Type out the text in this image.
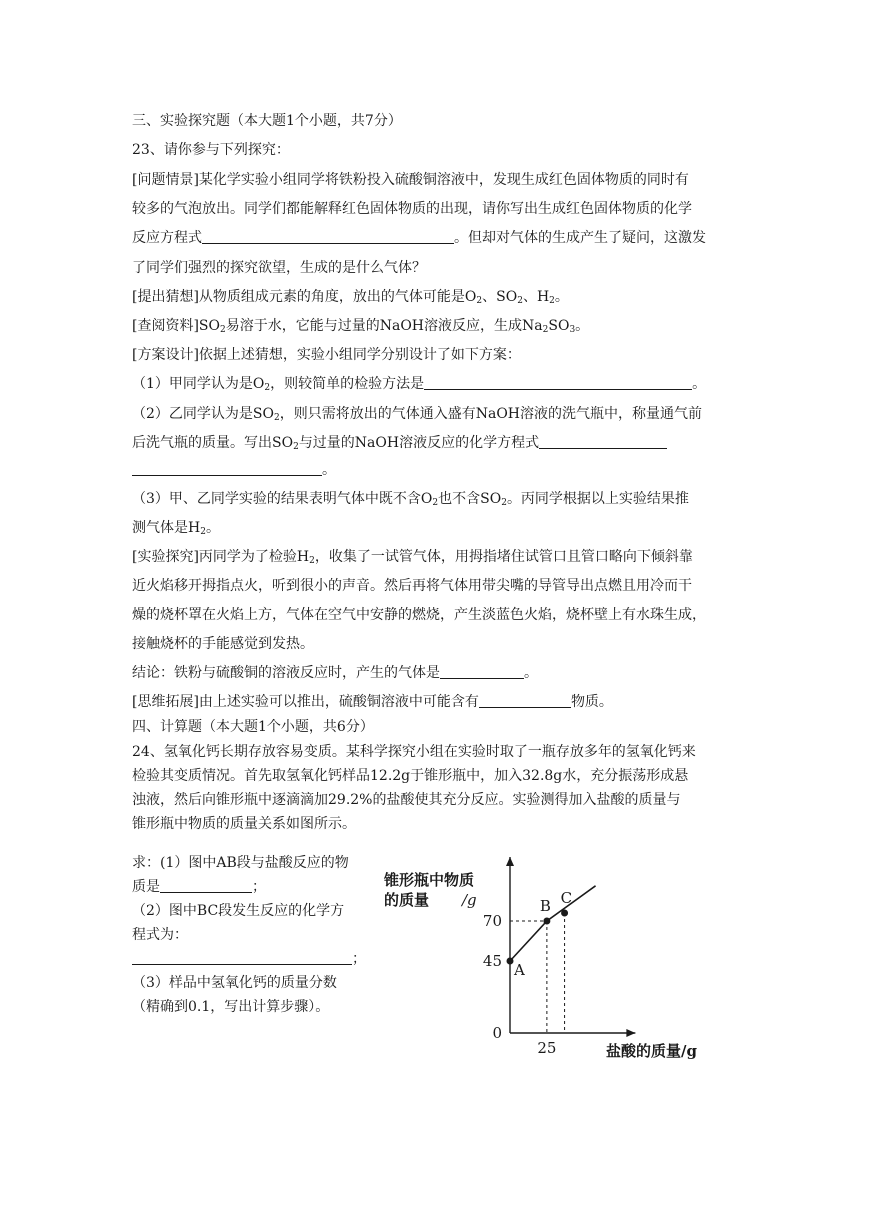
三、实验探究题（本大题1个小题，共7分）
23、请你参与下列探究：
[问题情景]某化学实验小组同学将铁粉投入硫酸铜溶液中，发现生成红色固体物质的同时有
较多的气泡放出。同学们都能解释红色固体物质的出现，请你写出生成红色固体物质的化学
反应方程式	。但却对气体的生成产生了疑问，这激发
了同学们强烈的探究欲望，生成的是什么气体？
[提出猜想]从物质组成元素的角度，放出的气体可能是$O_2$、$SO_2$、$H_2$。
[查阅资料]$SO_2$易溶于水，它能与过量的NaOH溶液反应，生成$Na_2SO_3$。
[方案设计]依据上述猜想，实验小组同学分别设计了如下方案：
（1）甲同学认为是$O_2$，则较简单的检验方法是	。
（2）乙同学认为是$SO_2$，则只需将放出的气体通入盛有NaOH溶液的洗气瓶中，称量通气前
后洗气瓶的质量。写出$SO_2$与过量的NaOH溶液反应的化学方程式
。
（3）甲、乙同学实验的结果表明气体中既不含$O_2$也不含$SO_2$。丙同学根据以上实验结果推
测气体是$H_2$。
[实验探究]丙同学为了检验$H_2$，收集了一试管气体，用拇指堵住试管口且管口略向下倾斜靠
近火焰移开拇指点火，听到很小的声音。然后再将气体用带尖嘴的导管导出点燃且用冷而干
燥的烧杯罩在火焰上方，气体在空气中安静的燃烧，产生淡蓝色火焰，烧杯壁上有水珠生成，
接触烧杯的手能感觉到发热。
结论：铁粉与硫酸铜的溶液反应时，产生的气体是	。
[思维拓展]由上述实验可以推出，硫酸铜溶液中可能含有	物质。
四、计算题（本大题1个小题，共6分）
24、氢氧化钙长期存放容易变质。某科学探究小组在实验时取了一瓶存放多年的氢氧化钙来
检验其变质情况。首先取氢氧化钙样品12.2g于锥形瓶中，加入32.8g水，充分振荡形成悬
浊液，然后向锥形瓶中逐滴滴加29.2%的盐酸使其充分反应。实验测得加入盐酸的质量与
锥形瓶中物质的质量关系如图所示。
求：(1）图中AB段与盐酸反应的物
质是	；
（2）图中BC段发生反应的化学方
程式为：
；
（3）样品中氢氧化钙的质量分数
（精确到0.1，写出计算步骤）。
锥形瓶中物质
的质量 /g
盐酸的质量/g
0
45
70
25
A
B C
